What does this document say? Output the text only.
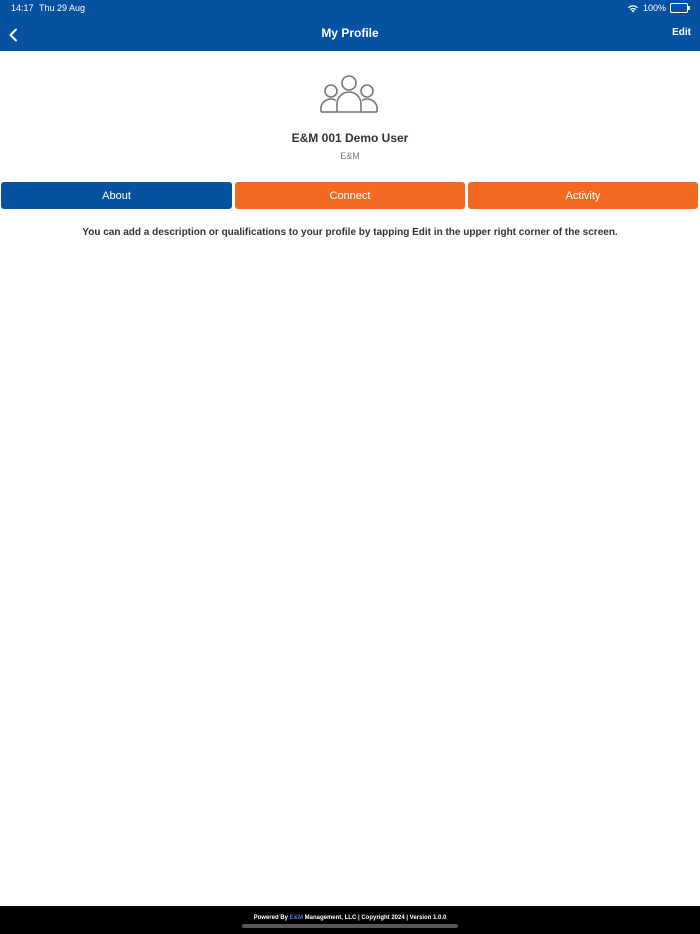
14:17 Thu 29 Aug	100%
My Profile	Edit
E&M 001 Demo User
E&M
About	Connect	Activity
You can add a description or qualifications to your profile by tapping Edit in the upper right corner of the screen.
Powered By E&M Management, LLC | Copyright 2024 | Version 1.0.0
